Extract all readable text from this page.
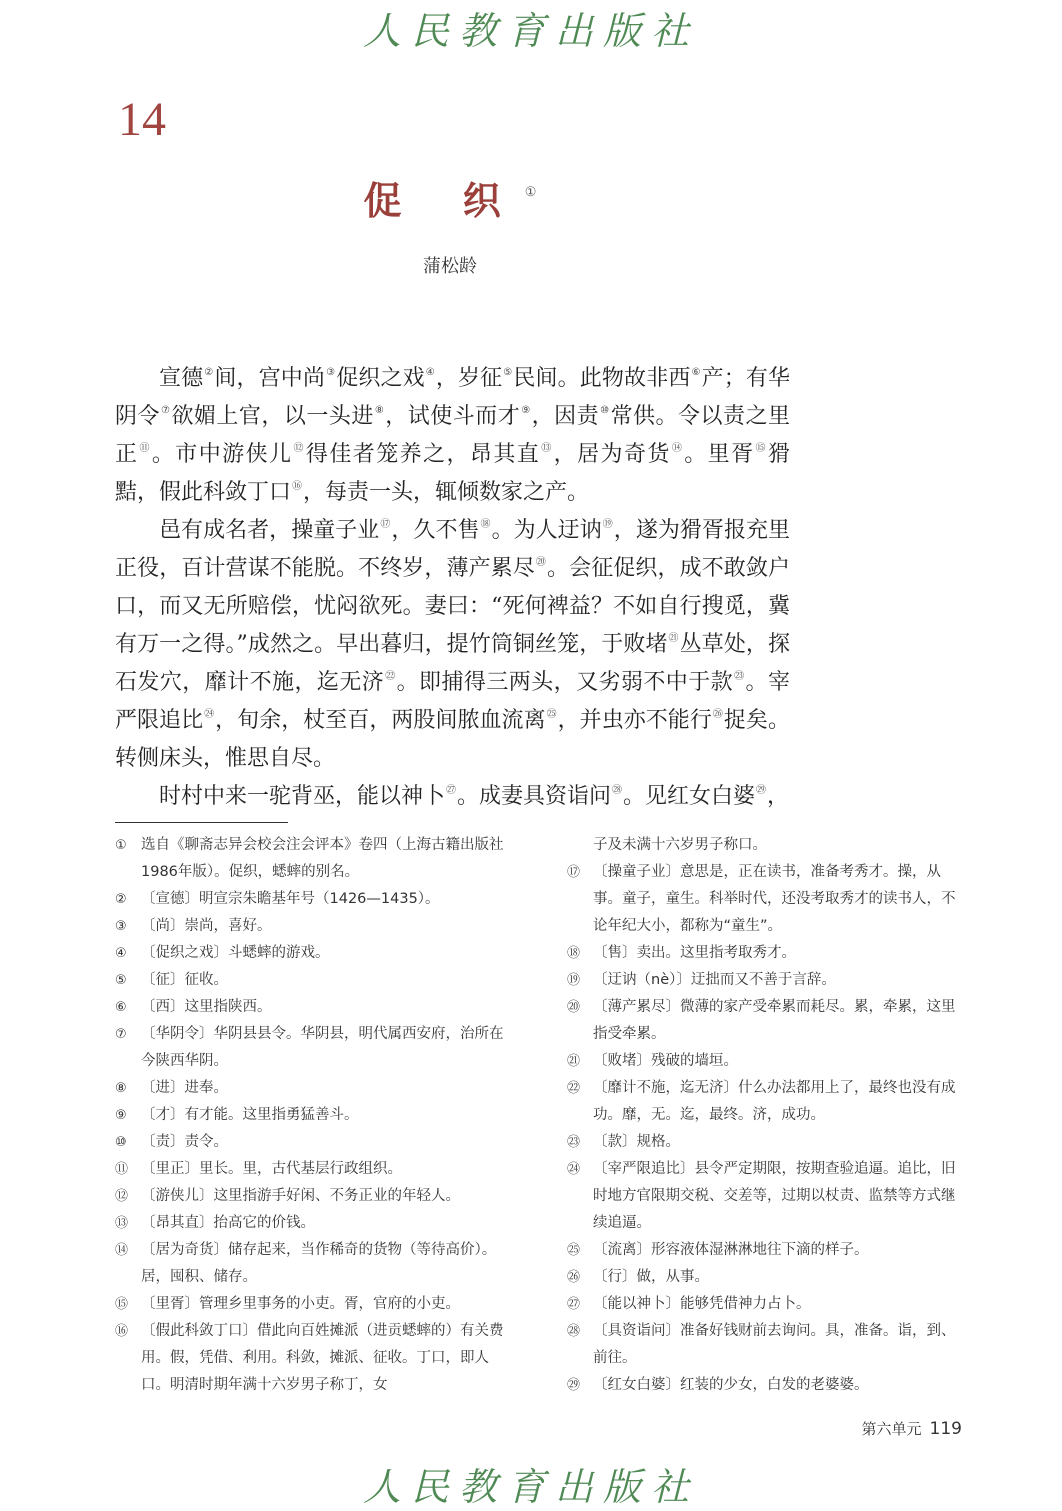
人民教育出版社
14
促 织①
蒲松龄

宣德②间，宫中尚③促织之戏④，岁征⑤民间。此物故非西⑥产；有华阴令⑦欲媚上官，以一头进⑧，试使斗而才⑨，因责⑩常供。令以责之里正⑪。市中游侠儿⑫得佳者笼养之，昂其直⑬，居为奇货⑭。里胥⑮猾黠，假此科敛丁口⑯，每责一头，辄倾数家之产。

邑有成名者，操童子业⑰，久不售⑱。为人迂讷⑲，遂为猾胥报充里正役，百计营谋不能脱。不终岁，薄产累尽⑳。会征促织，成不敢敛户口，而又无所赔偿，忧闷欲死。妻曰：“死何裨益？不如自行搜觅，冀有万一之得。”成然之。早出暮归，提竹筒铜丝笼，于败堵$^㉑$丛草处，探石发穴，靡计不施，迄无济$^㉒$。即捕得三两头，又劣弱不中于款$^㉓$。宰严限追比$^㉔$，旬余，杖至百，两股间脓血流离$^㉕$，并虫亦不能行$^㉖$捉矣。转侧床头，惟思自尽。

时村中来一驼背巫，能以神卜$^㉗$。成妻具资诣问$^㉘$。见红女白婆$^㉙$，

① 选自《聊斋志异会校会注会评本》卷四（上海古籍出版社1986年版）。促织，蟋蟀的别名。
② 〔宣德〕明宣宗朱瞻基年号（1426—1435）。
③ 〔尚〕崇尚，喜好。
④ 〔促织之戏〕斗蟋蟀的游戏。
⑤ 〔征〕征收。
⑥ 〔西〕这里指陕西。
⑦ 〔华阴令〕华阴县县令。华阴县，明代属西安府，治所在今陕西华阴。
⑧ 〔进〕进奉。
⑨ 〔才〕有才能。这里指勇猛善斗。
⑩ 〔责〕责令。
⑪ 〔里正〕里长。里，古代基层行政组织。
⑫ 〔游侠儿〕这里指游手好闲、不务正业的年轻人。
⑬ 〔昂其直〕抬高它的价钱。
⑭ 〔居为奇货〕储存起来，当作稀奇的货物（等待高价）。居，囤积、储存。
⑮ 〔里胥〕管理乡里事务的小吏。胥，官府的小吏。
⑯ 〔假此科敛丁口〕借此向百姓摊派（进贡蟋蟀的）有关费用。假，凭借、利用。科敛，摊派、征收。丁口，即人口。明清时期年满十六岁男子称丁，女
子及未满十六岁男子称口。
⑰ 〔操童子业〕意思是，正在读书，准备考秀才。操，从事。童子，童生。科举时代，还没考取秀才的读书人，不论年纪大小，都称为“童生”。
⑱ 〔售〕卖出。这里指考取秀才。
⑲ 〔迂讷（nè）〕迂拙而又不善于言辞。
⑳ 〔薄产累尽〕微薄的家产受牵累而耗尽。累，牵累，这里指受牵累。
㉑ 〔败堵〕残破的墙垣。
㉒ 〔靡计不施，迄无济〕什么办法都用上了，最终也没有成功。靡，无。迄，最终。济，成功。
㉓ 〔款〕规格。
㉔ 〔宰严限追比〕县令严定期限，按期查验追逼。追比，旧时地方官限期交税、交差等，过期以杖责、监禁等方式继续追逼。
㉕ 〔流离〕形容液体湿淋淋地往下滴的样子。
㉖ 〔行〕做，从事。
㉗ 〔能以神卜〕能够凭借神力占卜。
㉘ 〔具资诣问〕准备好钱财前去询问。具，准备。诣，到、前往。
㉙ 〔红女白婆〕红装的少女，白发的老婆婆。
第六单元 119
人民教育出版社
